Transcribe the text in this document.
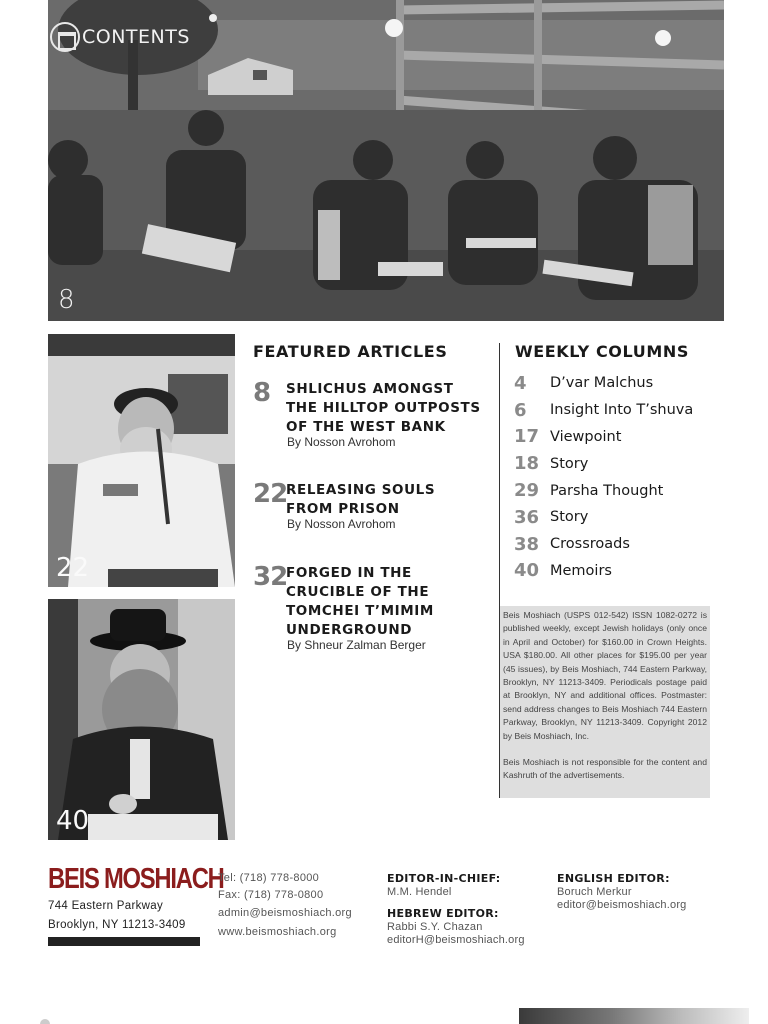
CONTENTS
8
22
40
FEATURED ARTICLES
8 SHLICHUS AMONGST
THE HILLTOP OUTPOSTS
OF THE WEST BANK
By Nosson Avrohom
22
RELEASING SOULS
FROM PRISON
By Nosson Avrohom
32
FORGED IN THE
CRUCIBLE OF THE
TOMCHEI T’MIMIM
UNDERGROUND
By Shneur Zalman Berger
WEEKLY COLUMNS
4	D’var Malchus
6	Insight Into T’shuva
17 Viewpoint
18 Story
29 Parsha Thought
36 Story
38 Crossroads
40 Memoirs

Beis Moshiach (USPS 012-542) ISSN 1082-0272 is published weekly, except Jewish holidays (only once in April and October) for $160.00 in Crown Heights. USA $180.00. All other places for $195.00 per year (45 issues), by Beis Moshiach, 744 Eastern Parkway, Brooklyn, NY 11213-3409. Periodicals postage paid at Brooklyn, NY and additional offices. Postmaster: send address changes to Beis Moshiach 744 Eastern Parkway, Brooklyn, NY 11213-3409. Copyright 2012 by Beis Moshiach, Inc.

Beis Moshiach is not responsible for the content and Kashruth of the advertisements.

BEIS MOSHIACH
744 Eastern Parkway
Brooklyn, NY 11213-3409
Tel: (718) 778-8000
Fax: (718) 778-0800
admin@beismoshiach.org
www.beismoshiach.org
EDITOR-IN-CHIEF:
M.M. Hendel
HEBREW EDITOR:
Rabbi S.Y. Chazan
editorH@beismoshiach.org
ENGLISH EDITOR:
Boruch Merkur
editor@beismoshiach.org
